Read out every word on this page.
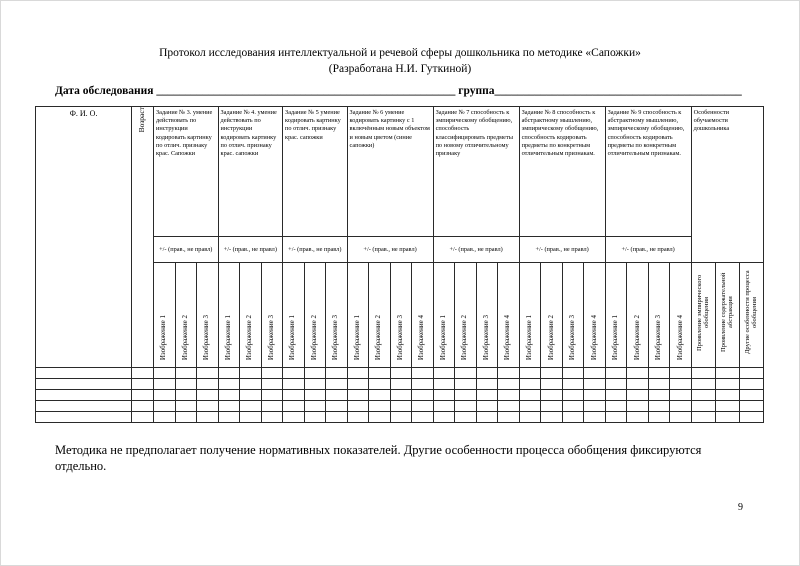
Протокол исследования интеллектуальной и речевой сферы дошкольника по методике «Сапожки»
(Разработана Н.И. Гуткиной)
Дата обследования ____________________________________________________ группа___________________________________________
Ф. И. О.	Возраст	Задание № 3. умение действовать по инструкции кодировать картинку по отлич. признаку крас. Сапожки			Задание № 4. умение действовать по инструкции кодировать картинку по отлич. признаку крас. сапожки			Задание № 5 умение кодировать картинку по отлич. признаку крас. сапожки			Задание № 6 умение кодировать картинку с 1 включённым новым объектом и новым цветом (синие сапожки)				Задание № 7 способность к эмпирическому обобщению, способность классифицировать предметы по новому отличительному признаку				Задание № 8 способность к абстрактному мышлению, эмпирическому обобщению, способность кодировать предметы по конкретным отличительным признакам.				Задание № 9 способность к абстрактному мышлению, эмпирическому обобщению, способность кодировать предметы по конкретным отличительным признакам.				Особенности обучаемости дошкольника		
		+/- (прав., не правл)			+/- (прав., не правл)			+/- (прав., не правл)			+/- (прав., не правл)				+/- (прав., не правл)				+/- (прав., не правл)				+/- (прав., не правл)						
		Изображение 1	Изображение 2	Изображение 3	Изображение 1	Изображение 2	Изображение 3	Изображение 1	Изображение 2	Изображение 3	Изображение 1	Изображение 2	Изображение 3	Изображение 4	Изображение 1	Изображение 2	Изображение 3	Изображение 4	Изображение 1	Изображение 2	Изображение 3	Изображение 4	Изображение 1	Изображение 2	Изображение 3	Изображение 4	Проявление эмпирического обобщения	Проявление содержательной абстракции	Другие особенности процесса обобщения

Методика не предполагает получение нормативных показателей. Другие особенности процесса обобщения фиксируются отдельно.
9
